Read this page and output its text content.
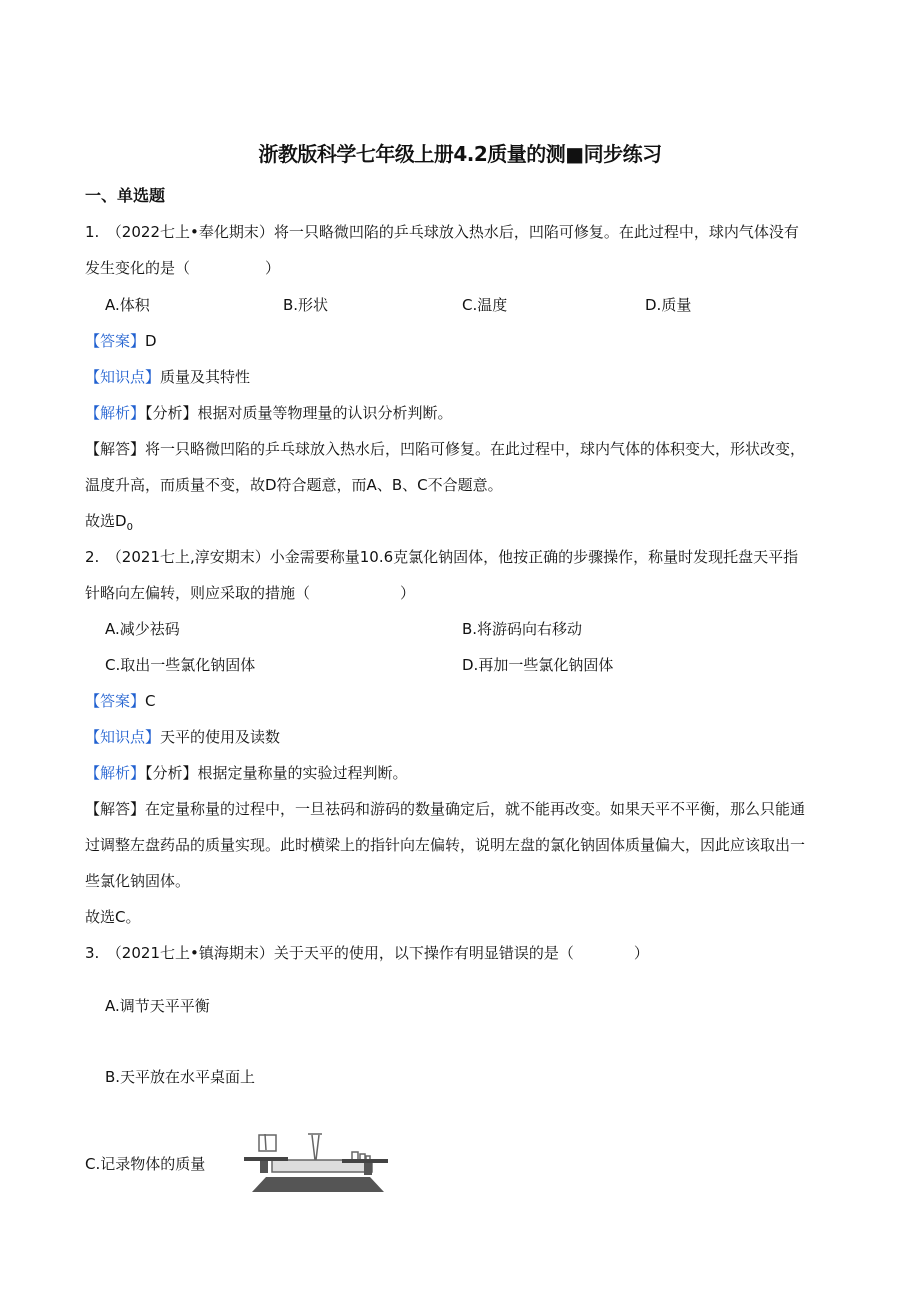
浙教版科学七年级上册4.2质量的测■同步练习
一、单选题
1.　（2022七上•奉化期末）将一只略微凹陷的乒乓球放入热水后，凹陷可修复。在此过程中，球内气体没有
发生变化的是（　　　　　）
A.体积	B.形状	C.温度	D.质量
【答案】D
【知识点】质量及其特性
【解析】【分析】根据对质量等物理量的认识分析判断。
【解答】将一只略微凹陷的乒乓球放入热水后，凹陷可修复。在此过程中，球内气体的体积变大，形状改变，
温度升高，而质量不变，故D符合题意，而A、B、C不合题意。
故选$D_0$
2.　（2021七上,淳安期末）小金需要称量10.6克氯化钠固体，他按正确的步骤操作，称量时发现托盘天平指
针略向左偏转，则应采取的措施（　　　　　　）
A.减少祛码	B.将游码向右移动
C.取出一些氯化钠固体	D.再加一些氯化钠固体
【答案】C
【知识点】天平的使用及读数
【解析】【分析】根据定量称量的实验过程判断。
【解答】在定量称量的过程中，一旦祛码和游码的数量确定后，就不能再改变。如果天平不平衡，那么只能通
过调整左盘药品的质量实现。此时横梁上的指针向左偏转，说明左盘的氯化钠固体质量偏大，因此应该取出一
些氯化钠固体。
故选C。
3.　（2021七上•镇海期末）关于天平的使用，以下操作有明显错误的是（　　　　）
A.调节天平平衡
B.天平放在水平桌面上
C.记录物体的质量
